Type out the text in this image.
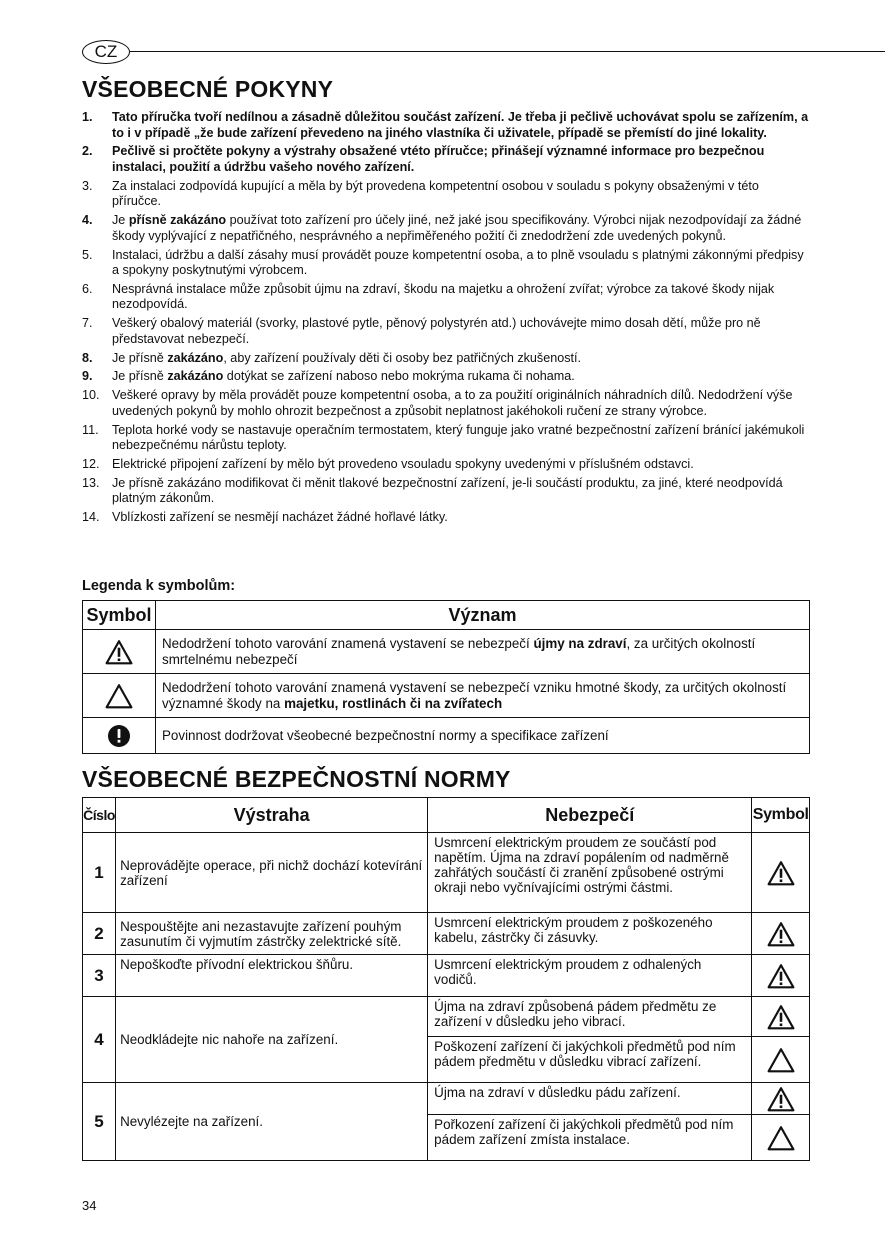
CZ
VŠEOBECNÉ POKYNY
1. Tato příručka tvoří nedílnou a zásadně důležitou součást zařízení. Je třeba ji pečlivě uchovávat spolu se zařízením, a to i v případě „že bude zařízení převedeno na jiného vlastníka či uživatele, případě se přemístí do jiné lokality.
2. Pečlivě si pročtěte pokyny a výstrahy obsažené vtéto příručce; přinášejí významné informace pro bezpečnou instalaci, použití a údržbu vašeho nového zařízení.
3. Za instalaci zodpovídá kupující a měla by být provedena kompetentní osobou v souladu s pokyny obsaženými v této příručce.
4. Je přísně zakázáno používat toto zařízení pro účely jiné, než jaké jsou specifikovány. Výrobci nijak nezodpovídají za žádné škody vyplývající z nepatřičného, nesprávného a nepřiměřeného požití či znedodržení zde uvedených pokynů.
5. Instalaci, údržbu a další zásahy musí provádět pouze kompetentní osoba, a to plně vsouladu s platnými zákonnými předpisy a spokyny poskytnutými výrobcem.
6. Nesprávná instalace může způsobit újmu na zdraví, škodu na majetku a ohrožení zvířat; výrobce za takové škody nijak nezodpovídá.
7. Veškerý obalový materiál (svorky, plastové pytle, pěnový polystyrén atd.) uchovávejte mimo dosah dětí, může pro ně představovat nebezpečí.
8. Je přísně zakázáno, aby zařízení používaly děti či osoby bez patřičných zkušeností.
9. Je přísně zakázáno dotýkat se zařízení naboso nebo mokrýma rukama či nohama.
10. Veškeré opravy by měla provádět pouze kompetentní osoba, a to za použití originálních náhradních dílů. Nedodržení výše uvedených pokynů by mohlo ohrozit bezpečnost a způsobit neplatnost jakéhokoli ručení ze strany výrobce.
11. Teplota horké vody se nastavuje operačním termostatem, který funguje jako vratné bezpečnostní zařízení bránící jakémukoli nebezpečnému nárůstu teploty.
12. Elektrické připojení zařízení by mělo být provedeno vsouladu spokyny uvedenými v příslušném odstavci.
13. Je přísně zakázáno modifikovat či měnit tlakové bezpečnostní zařízení, je-li součástí produktu, za jiné, které neodpovídá platným zákonům.
14. Vblízkosti zařízení se nesmějí nacházet žádné hořlavé látky.
Legenda k symbolům:
Symbol	Význam
	Nedodržení tohoto varování znamená vystavení se nebezpečí újmy na zdraví, za určitých okolností smrtelnému nebezpečí
	Nedodržení tohoto varování znamená vystavení se nebezpečí vzniku hmotné škody, za určitých okolností významné škody na majetku, rostlinách či na zvířatech
	Povinnost dodržovat všeobecné bezpečnostní normy a specifikace zařízení
VŠEOBECNÉ BEZPEČNOSTNÍ NORMY
Číslo	Výstraha	Nebezpečí	Symbol
1	Neprovádějte operace, při nichž dochází kotevírání zařízení	Usmrcení elektrickým proudem ze součástí pod napětím. Újma na zdraví popálením od nadměrně zahřátých součástí či zranění způsobené ostrými okraji nebo vyčnívajícími ostrými částmi.	
2	Nespouštějte ani nezastavujte zařízení pouhým zasunutím či vyjmutím zástrčky zelektrické sítě.	Usmrcení elektrickým proudem z poškozeného kabelu, zástrčky či zásuvky.	
3	Nepoškoďte přívodní elektrickou šňůru.	Usmrcení elektrickým proudem z odhalených vodičů.	
4	Neodkládejte nic nahoře na zařízení.	Újma na zdraví způsobená pádem předmětu ze zařízení v důsledku jeho vibrací.	
		Poškození zařízení či jakýchkoli předmětů pod ním pádem předmětu v důsledku vibrací zařízení.	
5	Nevylézejte na zařízení.	Újma na zdraví v důsledku pádu zařízení.	
		Pořkození zařízení či jakýchkoli předmětů pod ním pádem zařízení zmísta instalace.	
34
